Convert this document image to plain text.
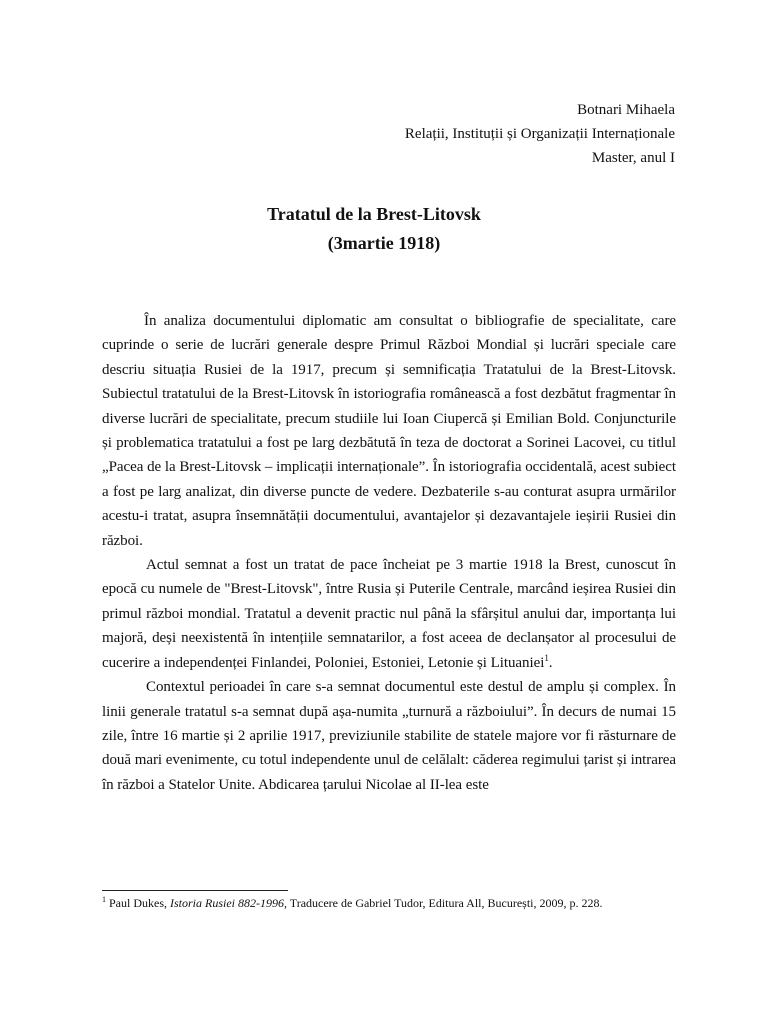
Botnari Mihaela
Relații, Instituții și Organizații Internaționale
Master, anul I
Tratatul de la Brest-Litovsk
(3martie 1918)

În analiza documentului diplomatic am consultat o bibliografie de specialitate, care cuprinde o serie de lucrări generale despre Primul Război Mondial și lucrări speciale care descriu situația Rusiei de la 1917, precum și semnificația Tratatului de la Brest-Litovsk. Subiectul tratatului de la Brest-Litovsk în istoriografia românească a fost dezbătut fragmentar în diverse lucrări de specialitate, precum studiile lui Ioan Ciupercă și Emilian Bold. Conjuncturile și problematica tratatului a fost pe larg dezbătută în teza de doctorat a Sorinei Lacovei, cu titlul „Pacea de la Brest-Litovsk – implicații internaționale”. În istoriografia occidentală, acest subiect a fost pe larg analizat, din diverse puncte de vedere. Dezbaterile s-au conturat asupra urmărilor acestu-i tratat, asupra însemnătății documentului, avantajelor și dezavantajele ieșirii Rusiei din război.

Actul semnat a fost un tratat de pace încheiat pe 3 martie 1918 la Brest, cunoscut în epocă cu numele de "Brest-Litovsk", între Rusia și Puterile Centrale, marcând ieșirea Rusiei din primul război mondial. Tratatul a devenit practic nul până la sfârșitul anului dar, importanța lui majoră, deși neexistentă în intențiile semnatarilor, a fost aceea de declanșator al procesului de cucerire a independenței Finlandei, Poloniei, Estoniei, Letonie și Lituaniei$^1$.

Contextul perioadei în care s-a semnat documentul este destul de amplu și complex. În linii generale tratatul s-a semnat după așa-numita „turnură a războiului”. În decurs de numai 15 zile, între 16 martie și 2 aprilie 1917, previziunile stabilite de statele majore vor fi răsturnare de două mari evenimente, cu totul independente unul de celălalt: căderea regimului țarist și intrarea în război a Statelor Unite. Abdicarea țarului Nicolae al II-lea este

$^1$ Paul Dukes, Istoria Rusiei 882-1996, Traducere de Gabriel Tudor, Editura All, București, 2009, p. 228.
